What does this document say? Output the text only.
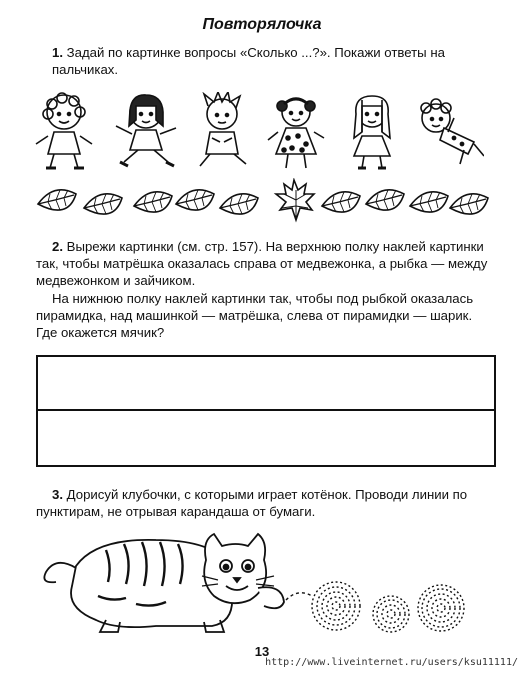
Повторялочка

1. Задай по картинке вопросы «Сколько ...?». Покажи ответы на пальчиках.

2. Вырежи картинки (см. стр. 157). На верхнюю полку наклей картинки так, чтобы матрёшка оказалась справа от медвежонка, а рыбка — между медвежонком и зайчиком.

На нижнюю полку наклей картинки так, чтобы под рыбкой оказалась пирамидка, над машинкой — матрёшка, слева от пирамидки — шарик. Где окажется мячик?

3. Дорисуй клубочки, с которыми играет котёнок. Проводи линии по пунктирам, не отрывая карандаша от бумаги.

13
http://www.liveinternet.ru/users/ksu11111/
